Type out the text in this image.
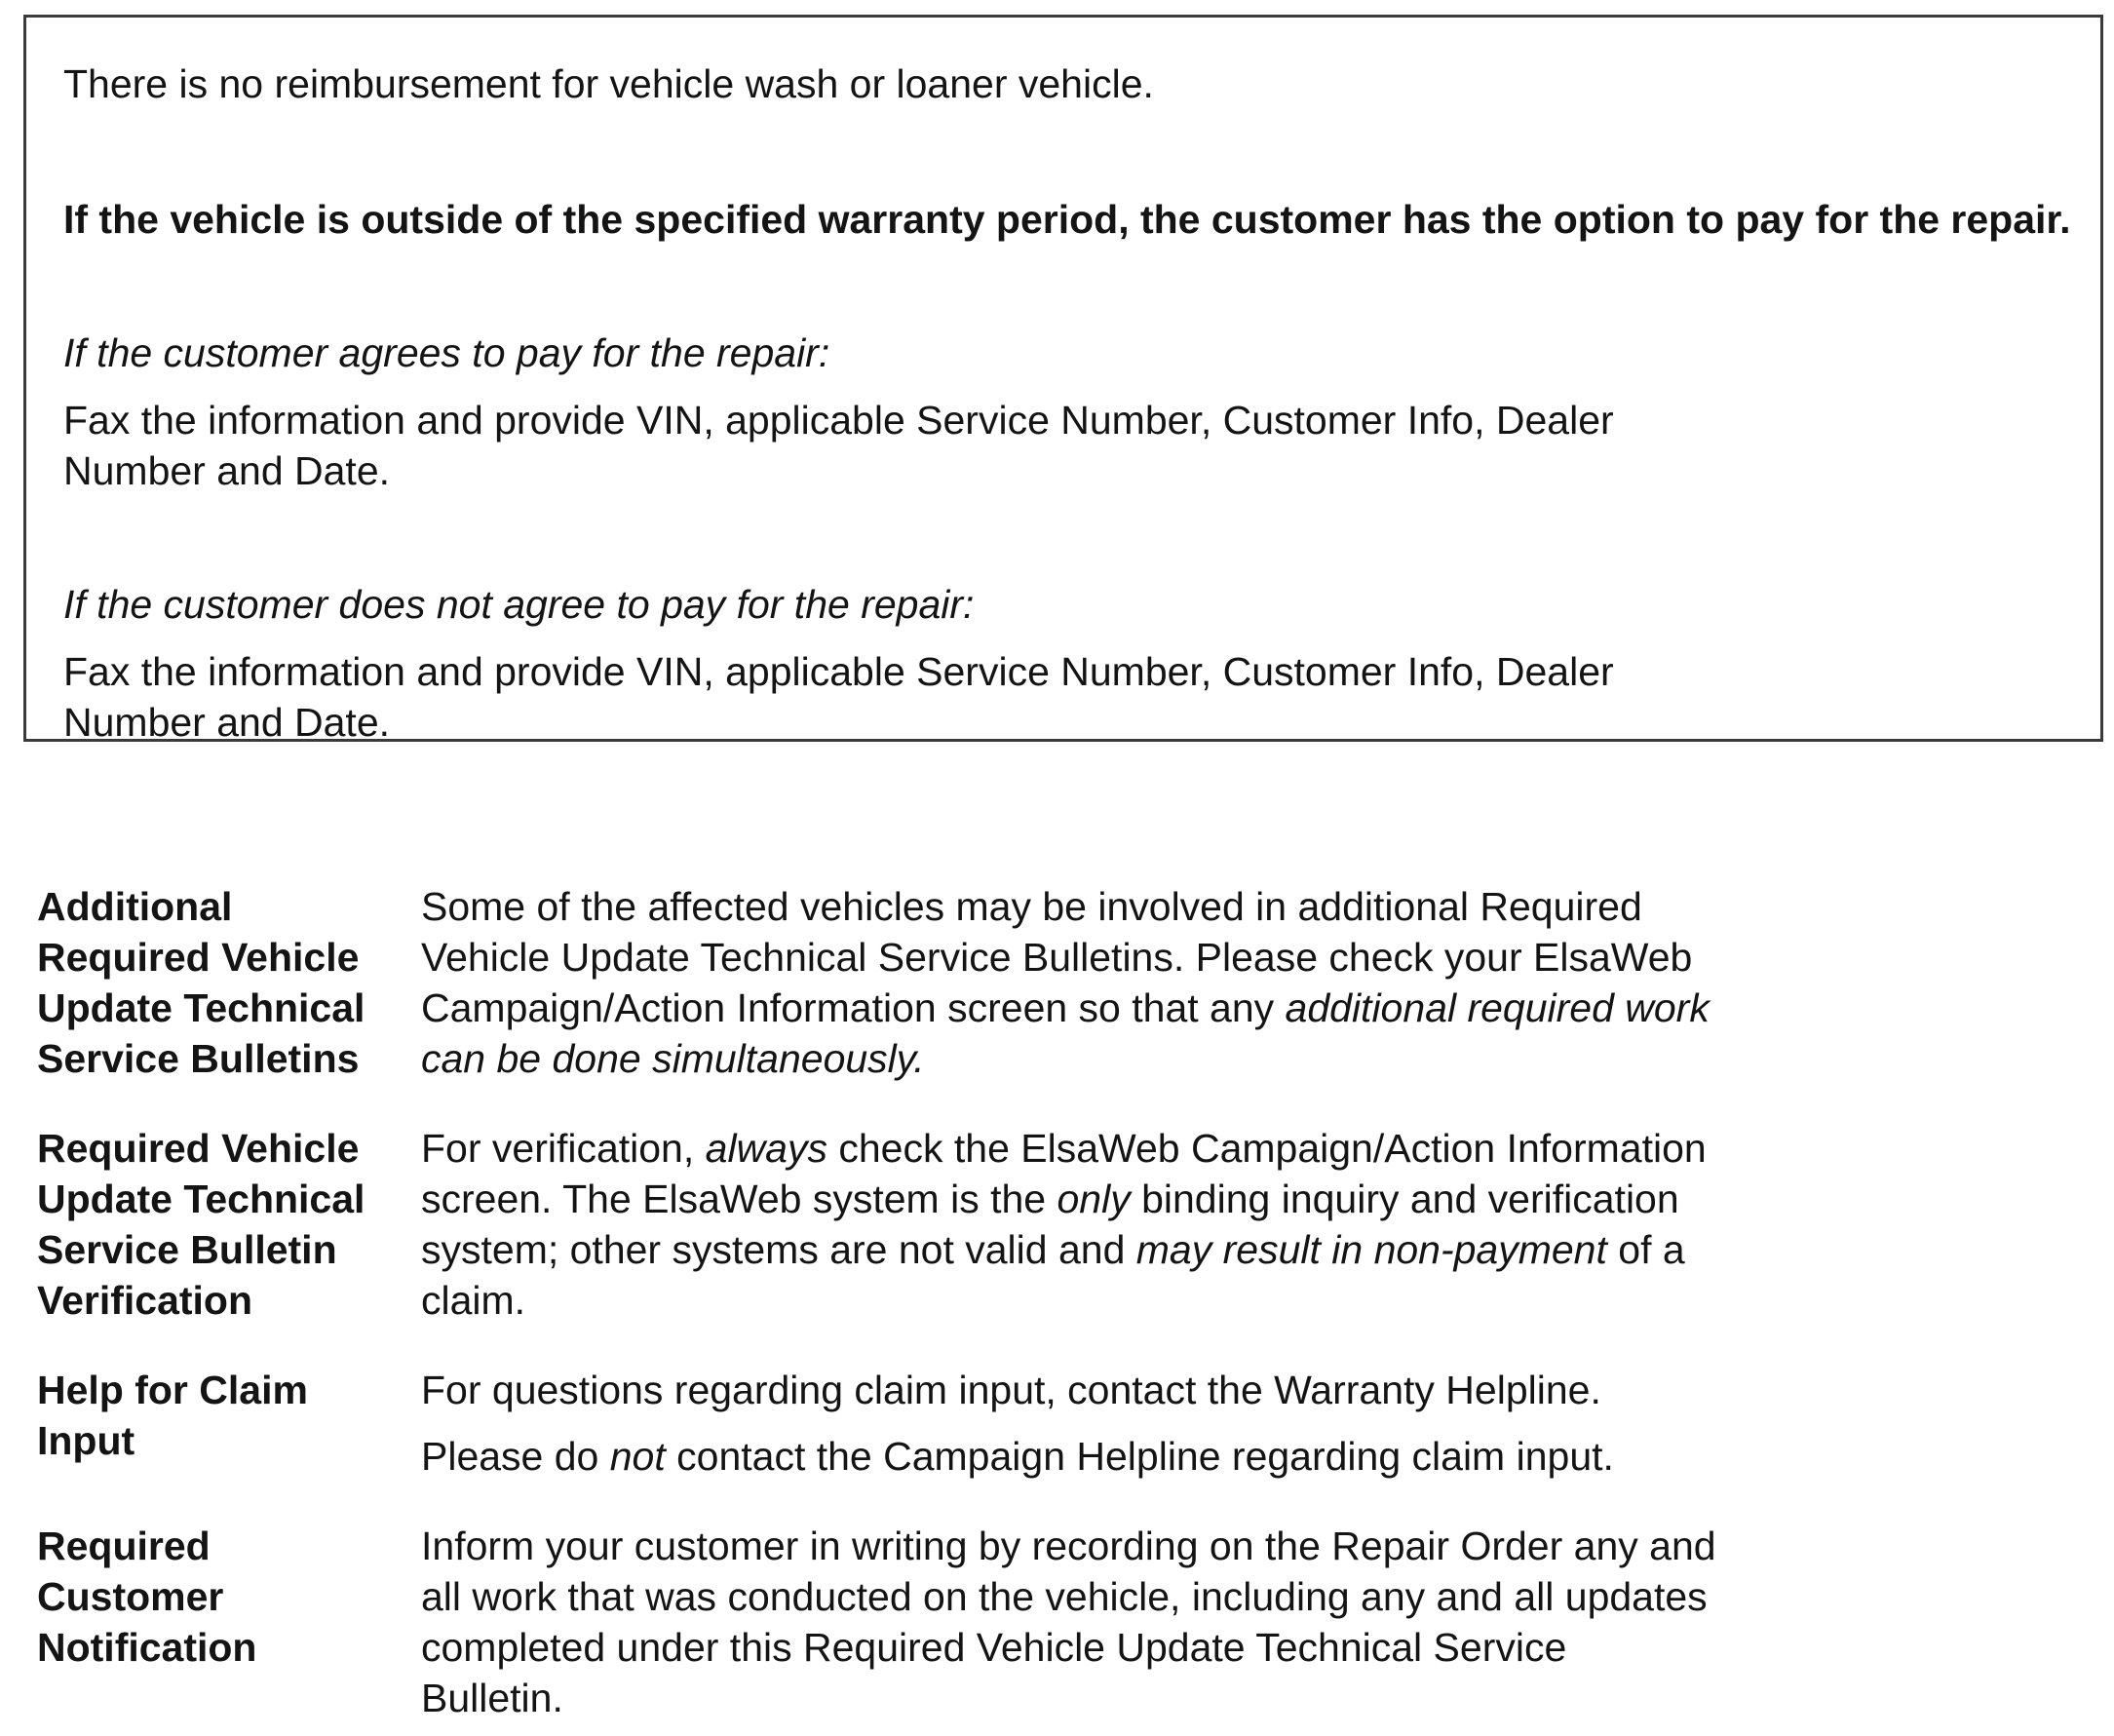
There is no reimbursement for vehicle wash or loaner vehicle.
If the vehicle is outside of the specified warranty period, the customer has the option to pay for the repair.
If the customer agrees to pay for the repair:
Fax the information and provide VIN, applicable Service Number, Customer Info, Dealer
Number and Date.
If the customer does not agree to pay for the repair:
Fax the information and provide VIN, applicable Service Number, Customer Info, Dealer
Number and Date.
Additional
Required Vehicle
Update Technical
Service Bulletins
Some of the affected vehicles may be involved in additional Required
Vehicle Update Technical Service Bulletins. Please check your ElsaWeb
Campaign/Action Information screen so that any additional required work
can be done simultaneously.
Required Vehicle
Update Technical
Service Bulletin
Verification
For verification, always check the ElsaWeb Campaign/Action Information
screen. The ElsaWeb system is the only binding inquiry and verification
system; other systems are not valid and may result in non-payment of a
claim.
Help for Claim
Input
For questions regarding claim input, contact the Warranty Helpline.
Please do not contact the Campaign Helpline regarding claim input.
Required
Customer
Notification
Inform your customer in writing by recording on the Repair Order any and
all work that was conducted on the vehicle, including any and all updates
completed under this Required Vehicle Update Technical Service
Bulletin.
